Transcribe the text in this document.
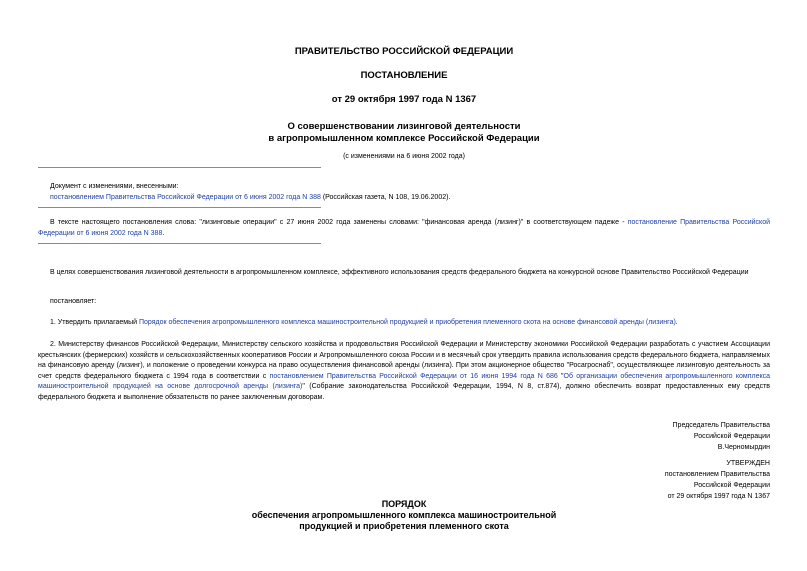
ПРАВИТЕЛЬСТВО РОССИЙСКОЙ ФЕДЕРАЦИИ
ПОСТАНОВЛЕНИЕ
от 29 октября 1997 года N 1367
О совершенствовании лизинговой деятельности
в агропромышленном комплексе Российской Федерации
(с изменениями на 6 июня 2002 года)
Документ с изменениями, внесенными:
постановлением Правительства Российской Федерации от 6 июня 2002 года N 388 (Российская газета, N 108, 19.06.2002).
В тексте настоящего постановления слова: "лизинговые операции" с 27 июня 2002 года заменены словами: "финансовая аренда (лизинг)" в соответствующем падеже - постановление Правительства Российской Федерации от 6 июня 2002 года N 388.
В целях совершенствования лизинговой деятельности в агропромышленном комплексе, эффективного использования средств федерального бюджета на конкурсной основе Правительство Российской Федерации
постановляет:
1. Утвердить прилагаемый Порядок обеспечения агропромышленного комплекса машиностроительной продукцией и приобретения племенного скота на основе финансовой аренды (лизинга).
2. Министерству финансов Российской Федерации, Министерству сельского хозяйства и продовольствия Российской Федерации и Министерству экономики Российской Федерации разработать с участием Ассоциации крестьянских (фермерских) хозяйств и сельскохозяйственных кооперативов России и Агропромышленного союза России и в месячный срок утвердить правила использования средств федерального бюджета, направляемых на финансовую аренду (лизинг), и положение о проведении конкурса на право осуществления финансовой аренды (лизинга). При этом акционерное общество "Росагроснаб", осуществляющее лизинговую деятельность за счет средств федерального бюджета с 1994 года в соответствии с постановлением Правительства Российской Федерации от 16 июня 1994 года N 686 "Об организации обеспечения агропромышленного комплекса машиностроительной продукцией на основе долгосрочной аренды (лизинга)" (Собрание законодательства Российской Федерации, 1994, N 8, ст.874), должно обеспечить возврат предоставленных ему средств федерального бюджета и выполнение обязательств по ранее заключенным договорам.
Председатель Правительства
Российской Федерации
В.Черномырдин
УТВЕРЖДЕН
постановлением Правительства
Российской Федерации
от 29 октября 1997 года N 1367
ПОРЯДОК
обеспечения агропромышленного комплекса машиностроительной
продукцией и приобретения племенного скота
